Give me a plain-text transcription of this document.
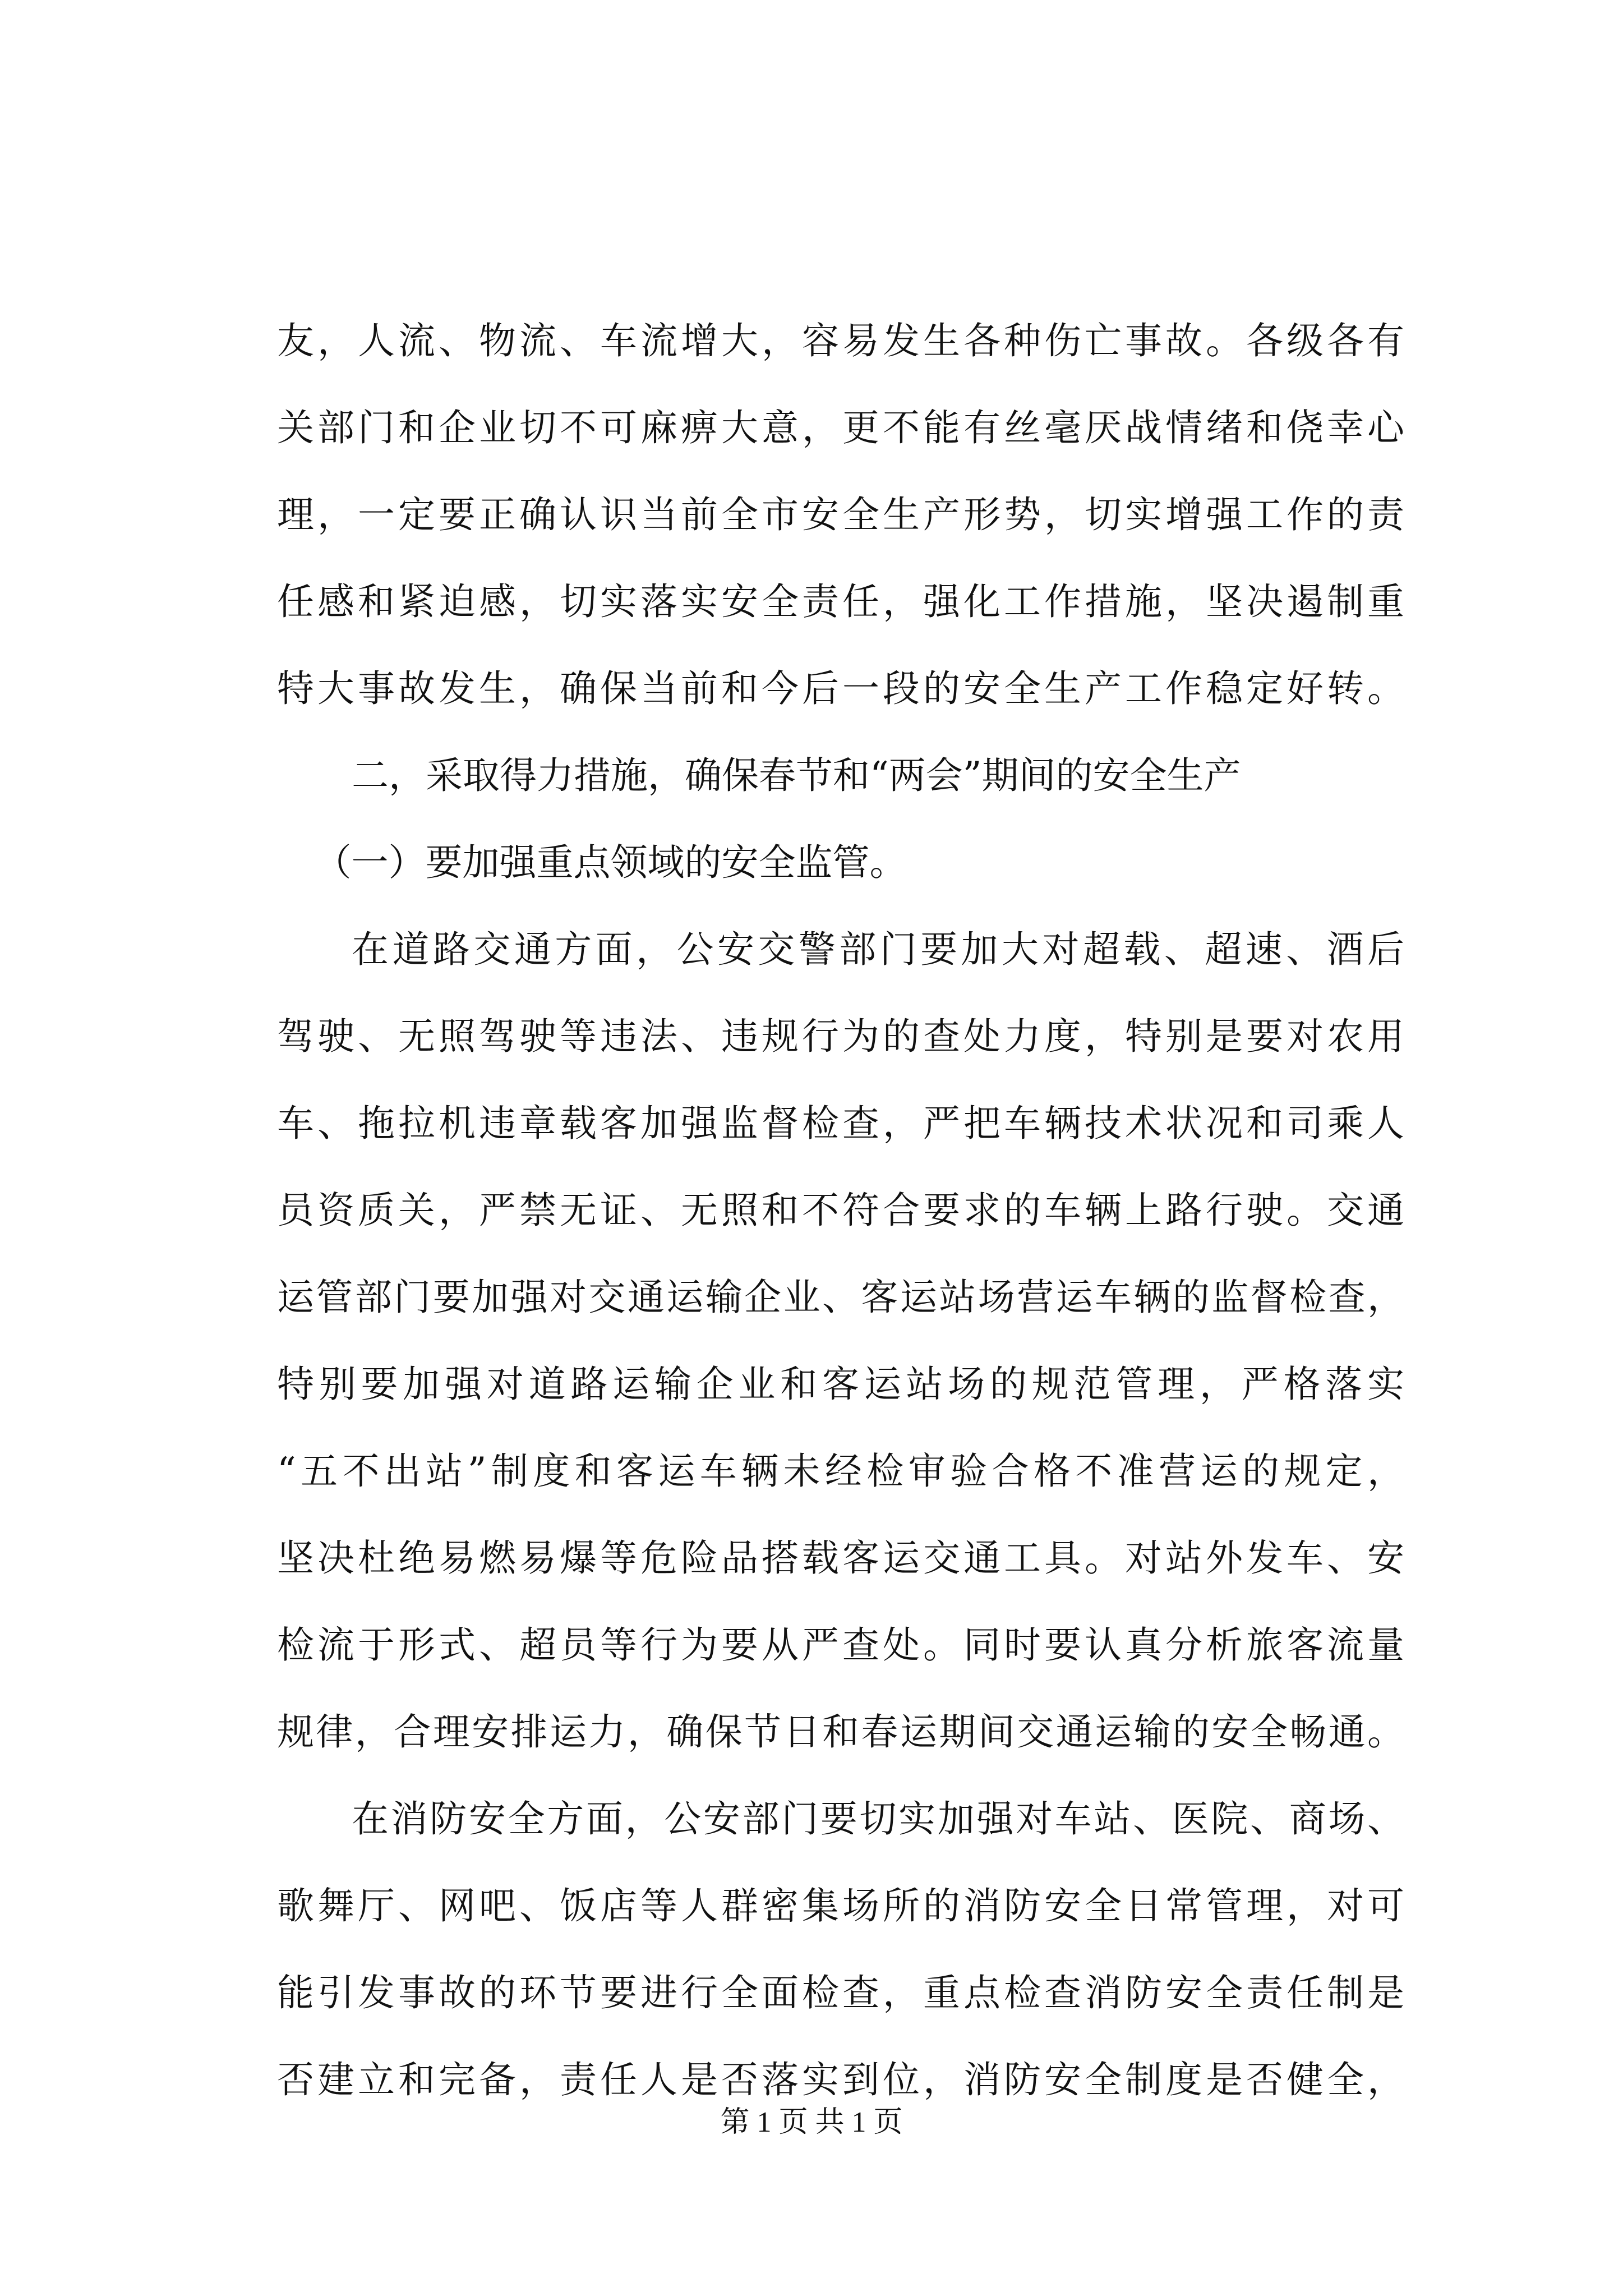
友，人流、物流、车流增大，容易发生各种伤亡事故。各级各有
关部门和企业切不可麻痹大意，更不能有丝毫厌战情绪和侥幸心
理，一定要正确认识当前全市安全生产形势，切实增强工作的责
任感和紧迫感，切实落实安全责任，强化工作措施，坚决遏制重
特大事故发生，确保当前和今后一段的安全生产工作稳定好转。
二，采取得力措施，确保春节和“两会”期间的安全生产
（一）要加强重点领域的安全监管。
在道路交通方面，公安交警部门要加大对超载、超速、酒后
驾驶、无照驾驶等违法、违规行为的查处力度，特别是要对农用
车、拖拉机违章载客加强监督检查，严把车辆技术状况和司乘人
员资质关，严禁无证、无照和不符合要求的车辆上路行驶。交通
运管部门要加强对交通运输企业、客运站场营运车辆的监督检查，
特别要加强对道路运输企业和客运站场的规范管理，严格落实
“五不出站”制度和客运车辆未经检审验合格不准营运的规定，
坚决杜绝易燃易爆等危险品搭载客运交通工具。对站外发车、安
检流于形式、超员等行为要从严查处。同时要认真分析旅客流量
规律，合理安排运力，确保节日和春运期间交通运输的安全畅通。
在消防安全方面，公安部门要切实加强对车站、医院、商场、
歌舞厅、网吧、饭店等人群密集场所的消防安全日常管理，对可
能引发事故的环节要进行全面检查，重点检查消防安全责任制是
否建立和完备，责任人是否落实到位，消防安全制度是否健全，
第 1 页 共 1 页
